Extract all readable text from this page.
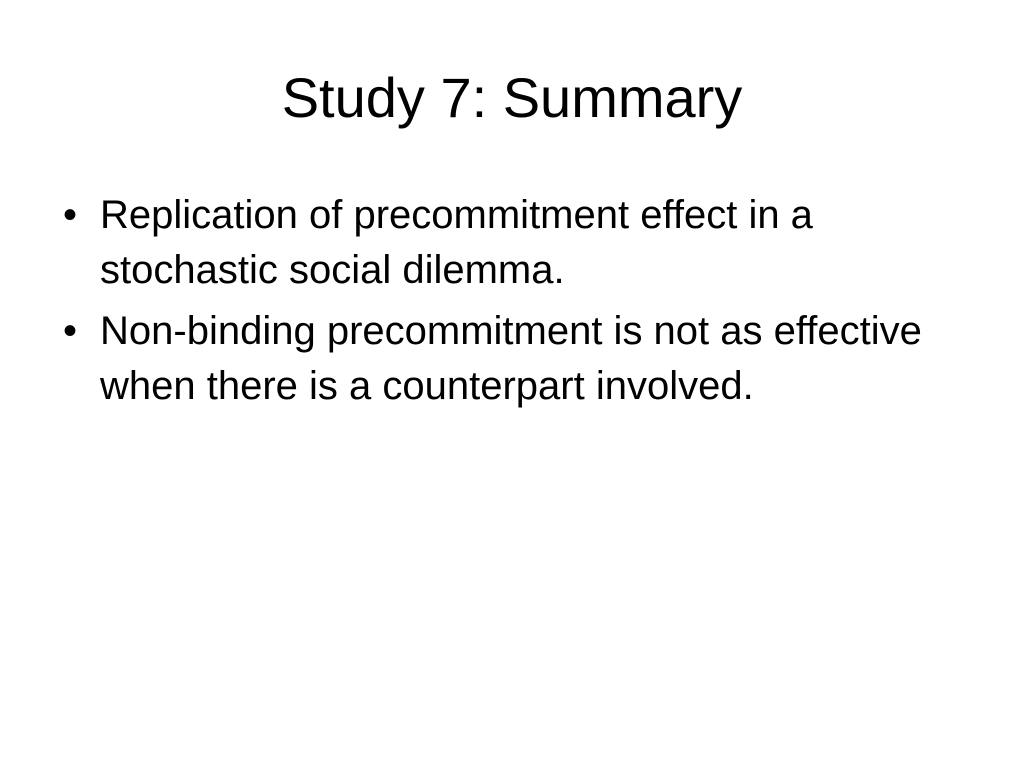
Study 7: Summary
• Replication of precommitment effect in a stochastic social dilemma.
• Non-binding precommitment is not as effective when there is a counterpart involved.
